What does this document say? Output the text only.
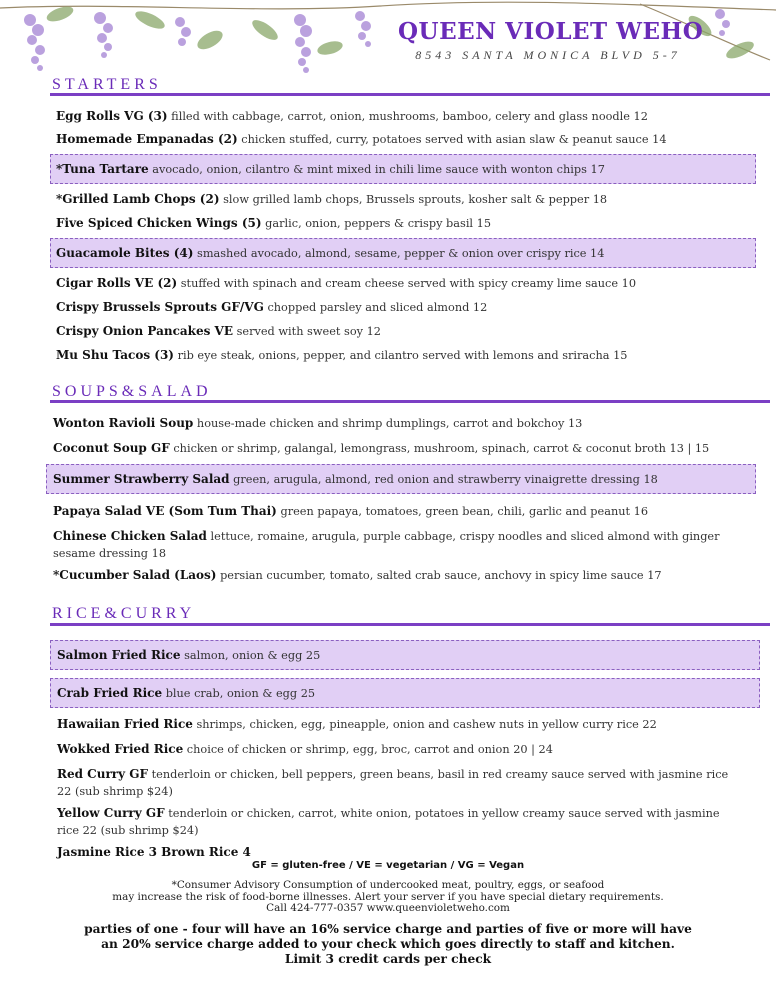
QUEEN VIOLET WEHO
8543 SANTA MONICA BLVD 5-7
STARTERS
Egg Rolls VG (3) filled with cabbage, carrot, onion, mushrooms, bamboo, celery and glass noodle 12
Homemade Empanadas (2) chicken stuffed, curry, potatoes served with asian slaw & peanut sauce 14
*Tuna Tartare avocado, onion, cilantro & mint mixed in chili lime sauce with wonton chips 17
*Grilled Lamb Chops (2) slow grilled lamb chops, Brussels sprouts, kosher salt & pepper 18
Five Spiced Chicken Wings (5) garlic, onion, peppers & crispy basil 15
Guacamole Bites (4) smashed avocado, almond, sesame, pepper & onion over crispy rice 14
Cigar Rolls VE (2) stuffed with spinach and cream cheese served with spicy creamy lime sauce 10
Crispy Brussels Sprouts GF/VG chopped parsley and sliced almond 12
Crispy Onion Pancakes VE served with sweet soy 12
Mu Shu Tacos (3) rib eye steak, onions, pepper, and cilantro served with lemons and sriracha 15
SOUPS&SALAD
Wonton Ravioli Soup house-made chicken and shrimp dumplings, carrot and bokchoy 13
Coconut Soup GF chicken or shrimp, galangal, lemongrass, mushroom, spinach, carrot & coconut broth 13 | 15
Summer Strawberry Salad green, arugula, almond, red onion and strawberry vinaigrette dressing 18
Papaya Salad VE (Som Tum Thai) green papaya, tomatoes, green bean, chili, garlic and peanut 16
Chinese Chicken Salad lettuce, romaine, arugula, purple cabbage, crispy noodles and sliced almond with ginger sesame dressing 18
*Cucumber Salad (Laos) persian cucumber, tomato, salted crab sauce, anchovy in spicy lime sauce 17
RICE&CURRY
Salmon Fried Rice salmon, onion & egg 25
Crab Fried Rice blue crab, onion & egg 25
Hawaiian Fried Rice shrimps, chicken, egg, pineapple, onion and cashew nuts in yellow curry rice 22
Wokked Fried Rice choice of chicken or shrimp, egg, broc, carrot and onion 20 | 24
Red Curry GF tenderloin or chicken, bell peppers, green beans, basil in red creamy sauce served with jasmine rice 22 (sub shrimp $24)
Yellow Curry GF tenderloin or chicken, carrot, white onion, potatoes in yellow creamy sauce served with jasmine rice 22 (sub shrimp $24)
Jasmine Rice 3 Brown Rice 4
GF = gluten-free / VE = vegetarian / VG = Vegan
*Consumer Advisory Consumption of undercooked meat, poultry, eggs, or seafood
may increase the risk of food-borne illnesses. Alert your server if you have special dietary requirements.
Call 424-777-0357 www.queenvioletweho.com
parties of one - four will have an 16% service charge and parties of five or more will have
an 20% service charge added to your check which goes directly to staff and kitchen.
Limit 3 credit cards per check
